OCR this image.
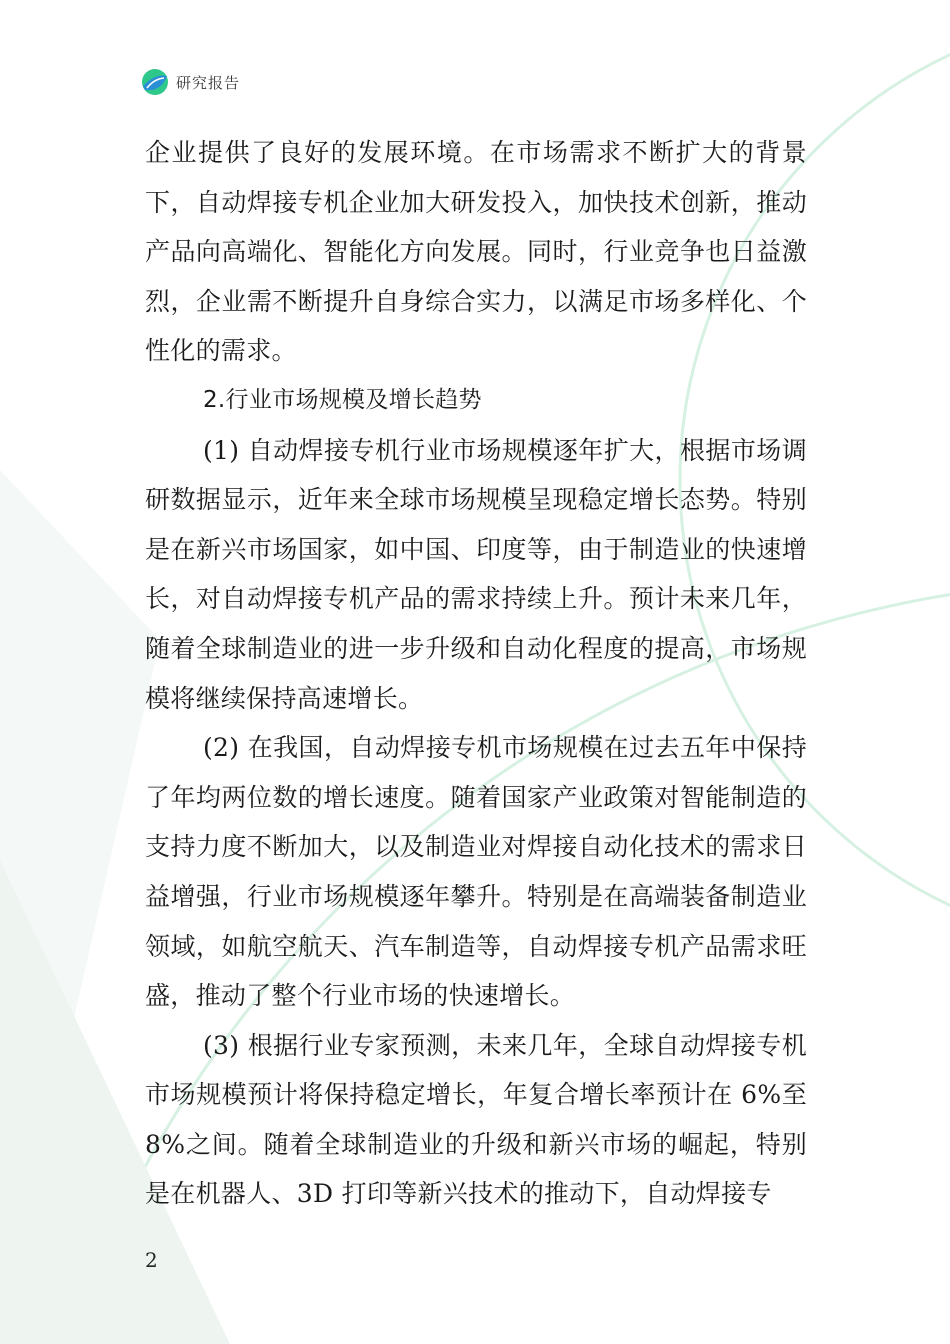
研究报告

企业提供了良好的发展环境。在市场需求不断扩大的背景下，自动焊接专机企业加大研发投入，加快技术创新，推动产品向高端化、智能化方向发展。同时，行业竞争也日益激烈，企业需不断提升自身综合实力，以满足市场多样化、个性化的需求。

2.行业市场规模及增长趋势

(1) 自动焊接专机行业市场规模逐年扩大，根据市场调研数据显示，近年来全球市场规模呈现稳定增长态势。特别是在新兴市场国家，如中国、印度等，由于制造业的快速增长，对自动焊接专机产品的需求持续上升。预计未来几年，随着全球制造业的进一步升级和自动化程度的提高，市场规模将继续保持高速增长。

(2) 在我国，自动焊接专机市场规模在过去五年中保持了年均两位数的增长速度。随着国家产业政策对智能制造的支持力度不断加大，以及制造业对焊接自动化技术的需求日益增强，行业市场规模逐年攀升。特别是在高端装备制造业领域，如航空航天、汽车制造等，自动焊接专机产品需求旺盛，推动了整个行业市场的快速增长。

(3) 根据行业专家预测，未来几年，全球自动焊接专机市场规模预计将保持稳定增长，年复合增长率预计在 6%至 8%之间。随着全球制造业的升级和新兴市场的崛起，特别是在机器人、3D 打印等新兴技术的推动下，自动焊接专

2
